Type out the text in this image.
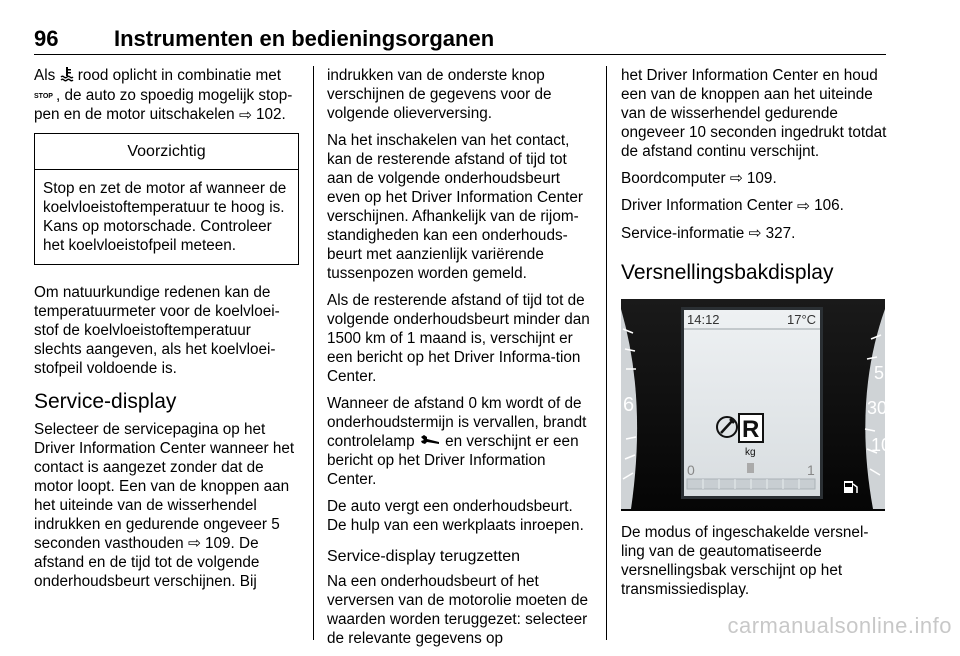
96	Instrumenten en bedieningsorganen

Als  rood oplicht in combinatie met
STOP , de auto zo spoedig mogelijk stop-pen en de motor uitschakelen ⇨ 102.

Voorzichtig
Stop en zet de motor af wanneer de koelvloeistoftemperatuur te hoog is. Kans op motorschade. Controleer het koelvloeistofpeil meteen.

Om natuurkundige redenen kan de temperatuurmeter voor de koelvloei-stof de koelvloeistoftemperatuur slechts aangeven, als het koelvloei-stofpeil voldoende is.

Service-display

Selecteer de servicepagina op het Driver Information Center wanneer het contact is aangezet zonder dat de motor loopt. Een van de knoppen aan het uiteinde van de wisserhendel indrukken en gedurende ongeveer 5 seconden vasthouden ⇨ 109. De afstand en de tijd tot de volgende onderhoudsbeurt verschijnen. Bij

indrukken van de onderste knop verschijnen de gegevens voor de volgende olieverversing.

Na het inschakelen van het contact, kan de resterende afstand of tijd tot aan de volgende onderhoudsbeurt even op het Driver Information Center verschijnen. Afhankelijk van de rijom-standigheden kan een onderhouds-beurt met aanzienlijk variërende tussenpozen worden gemeld.

Als de resterende afstand of tijd tot de volgende onderhoudsbeurt minder dan 1500 km of 1 maand is, verschijnt er een bericht op het Driver Informa-tion Center.

Wanneer de afstand 0 km wordt of de onderhoudstermijn is vervallen, brandt controlelamp  en verschijnt er een bericht op het Driver Information Center.

De auto vergt een onderhoudsbeurt. De hulp van een werkplaats inroepen.

Service-display terugzetten

Na een onderhoudsbeurt of het verversen van de motorolie moeten de waarden worden teruggezet: selecteer de relevante gegevens op

het Driver Information Center en houd een van de knoppen aan het uiteinde van de wisserhendel gedurende ongeveer 10 seconden ingedrukt totdat de afstand continu verschijnt.

Boordcomputer ⇨ 109.

Driver Information Center ⇨ 106.

Service-informatie ⇨ 327.

Versnellingsbakdisplay
6
5
30
10
14:12	17°C
R
kg
0	1

De modus of ingeschakelde versnel-ling van de geautomatiseerde versnellingsbak verschijnt op het transmissiedisplay.

carmanualsonline.info
